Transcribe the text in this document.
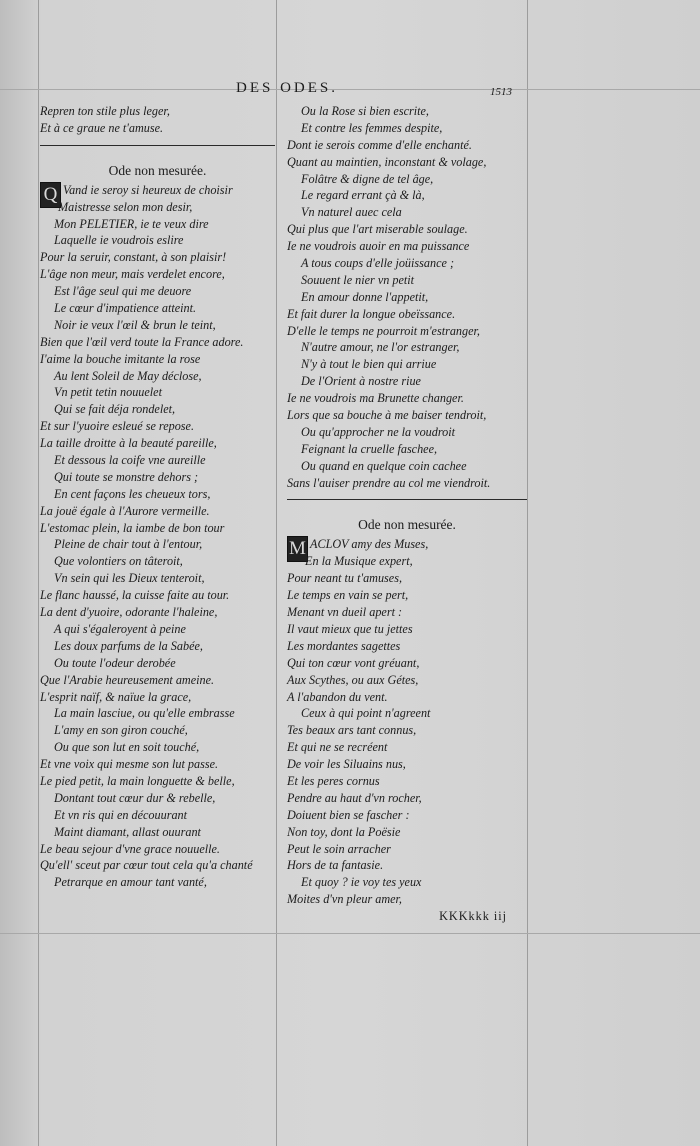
DES ODES.	1513
Repren ton stile plus leger,
Et à ce graue ne t'amuse.
Ode non mesurée.
Q Vand ie seroy si heureux de choisir
Maistresse selon mon desir,
Mon PELETIER, ie te veux dire
Laquelle ie voudrois eslire
Pour la seruir, constant, à son plaisir!
L'âge non meur, mais verdelet encore,
Est l'âge seul qui me deuore
Le cœur d'impatience atteint.
Noir ie veux l'œil & brun le teint,
Bien que l'œil verd toute la France adore.
I'aime la bouche imitante la rose
Au lent Soleil de May déclose,
Vn petit tetin nouuelet
Qui se fait déja rondelet,
Et sur l'yuoire esleué se repose.
La taille droitte à la beauté pareille,
Et dessous la coife vne aureille
Qui toute se monstre dehors ;
En cent façons les cheueux tors,
La jouë égale à l'Aurore vermeille.
L'estomac plein, la iambe de bon tour
Pleine de chair tout à l'entour,
Que volontiers on tâteroit,
Vn sein qui les Dieux tenteroit,
Le flanc haussé, la cuisse faite au tour.
La dent d'yuoire, odorante l'haleine,
A qui s'égaleroyent à peine
Les doux parfums de la Sabée,
Ou toute l'odeur derobée
Que l'Arabie heureusement ameine.
L'esprit naïf, & naïue la grace,
La main lasciue, ou qu'elle embrasse
L'amy en son giron couché,
Ou que son lut en soit touché,
Et vne voix qui mesme son lut passe.
Le pied petit, la main longuette & belle,
Dontant tout cœur dur & rebelle,
Et vn ris qui en découurant
Maint diamant, allast ouurant
Le beau sejour d'vne grace nouuelle.
Qu'ell' sceut par cœur tout cela qu'a chanté
Petrarque en amour tant vanté,
Ou la Rose si bien escrite,
Et contre les femmes despite,
Dont ie serois comme d'elle enchanté.
Quant au maintien, inconstant & volage,
Folâtre & digne de tel âge,
Le regard errant çà & là,
Vn naturel auec cela
Qui plus que l'art miserable soulage.
Ie ne voudrois auoir en ma puissance
A tous coups d'elle joüissance ;
Souuent le nier vn petit
En amour donne l'appetit,
Et fait durer la longue obeïssance.
D'elle le temps ne pourroit m'estranger,
N'autre amour, ne l'or estranger,
N'y à tout le bien qui arriue
De l'Orient à nostre riue
Ie ne voudrois ma Brunette changer.
Lors que sa bouche à me baiser tendroit,
Ou qu'approcher ne la voudroit
Feignant la cruelle faschee,
Ou quand en quelque coin cachee
Sans l'auiser prendre au col me viendroit.
Ode non mesurée.
M ACLOV amy des Muses,
En la Musique expert,
Pour neant tu t'amuses,
Le temps en vain se pert,
Menant vn dueil apert :
Il vaut mieux que tu jettes
Les mordantes sagettes
Qui ton cœur vont gréuant,
Aux Scythes, ou aux Gétes,
A l'abandon du vent.
Ceux à qui point n'agreent
Tes beaux ars tant connus,
Et qui ne se recréent
De voir les Siluains nus,
Et les peres cornus
Pendre au haut d'vn rocher,
Doiuent bien se fascher :
Non toy, dont la Poësie
Peut le soin arracher
Hors de ta fantasie.
Et quoy ? ie voy tes yeux
Moites d'vn pleur amer,
KKKkkk iij
